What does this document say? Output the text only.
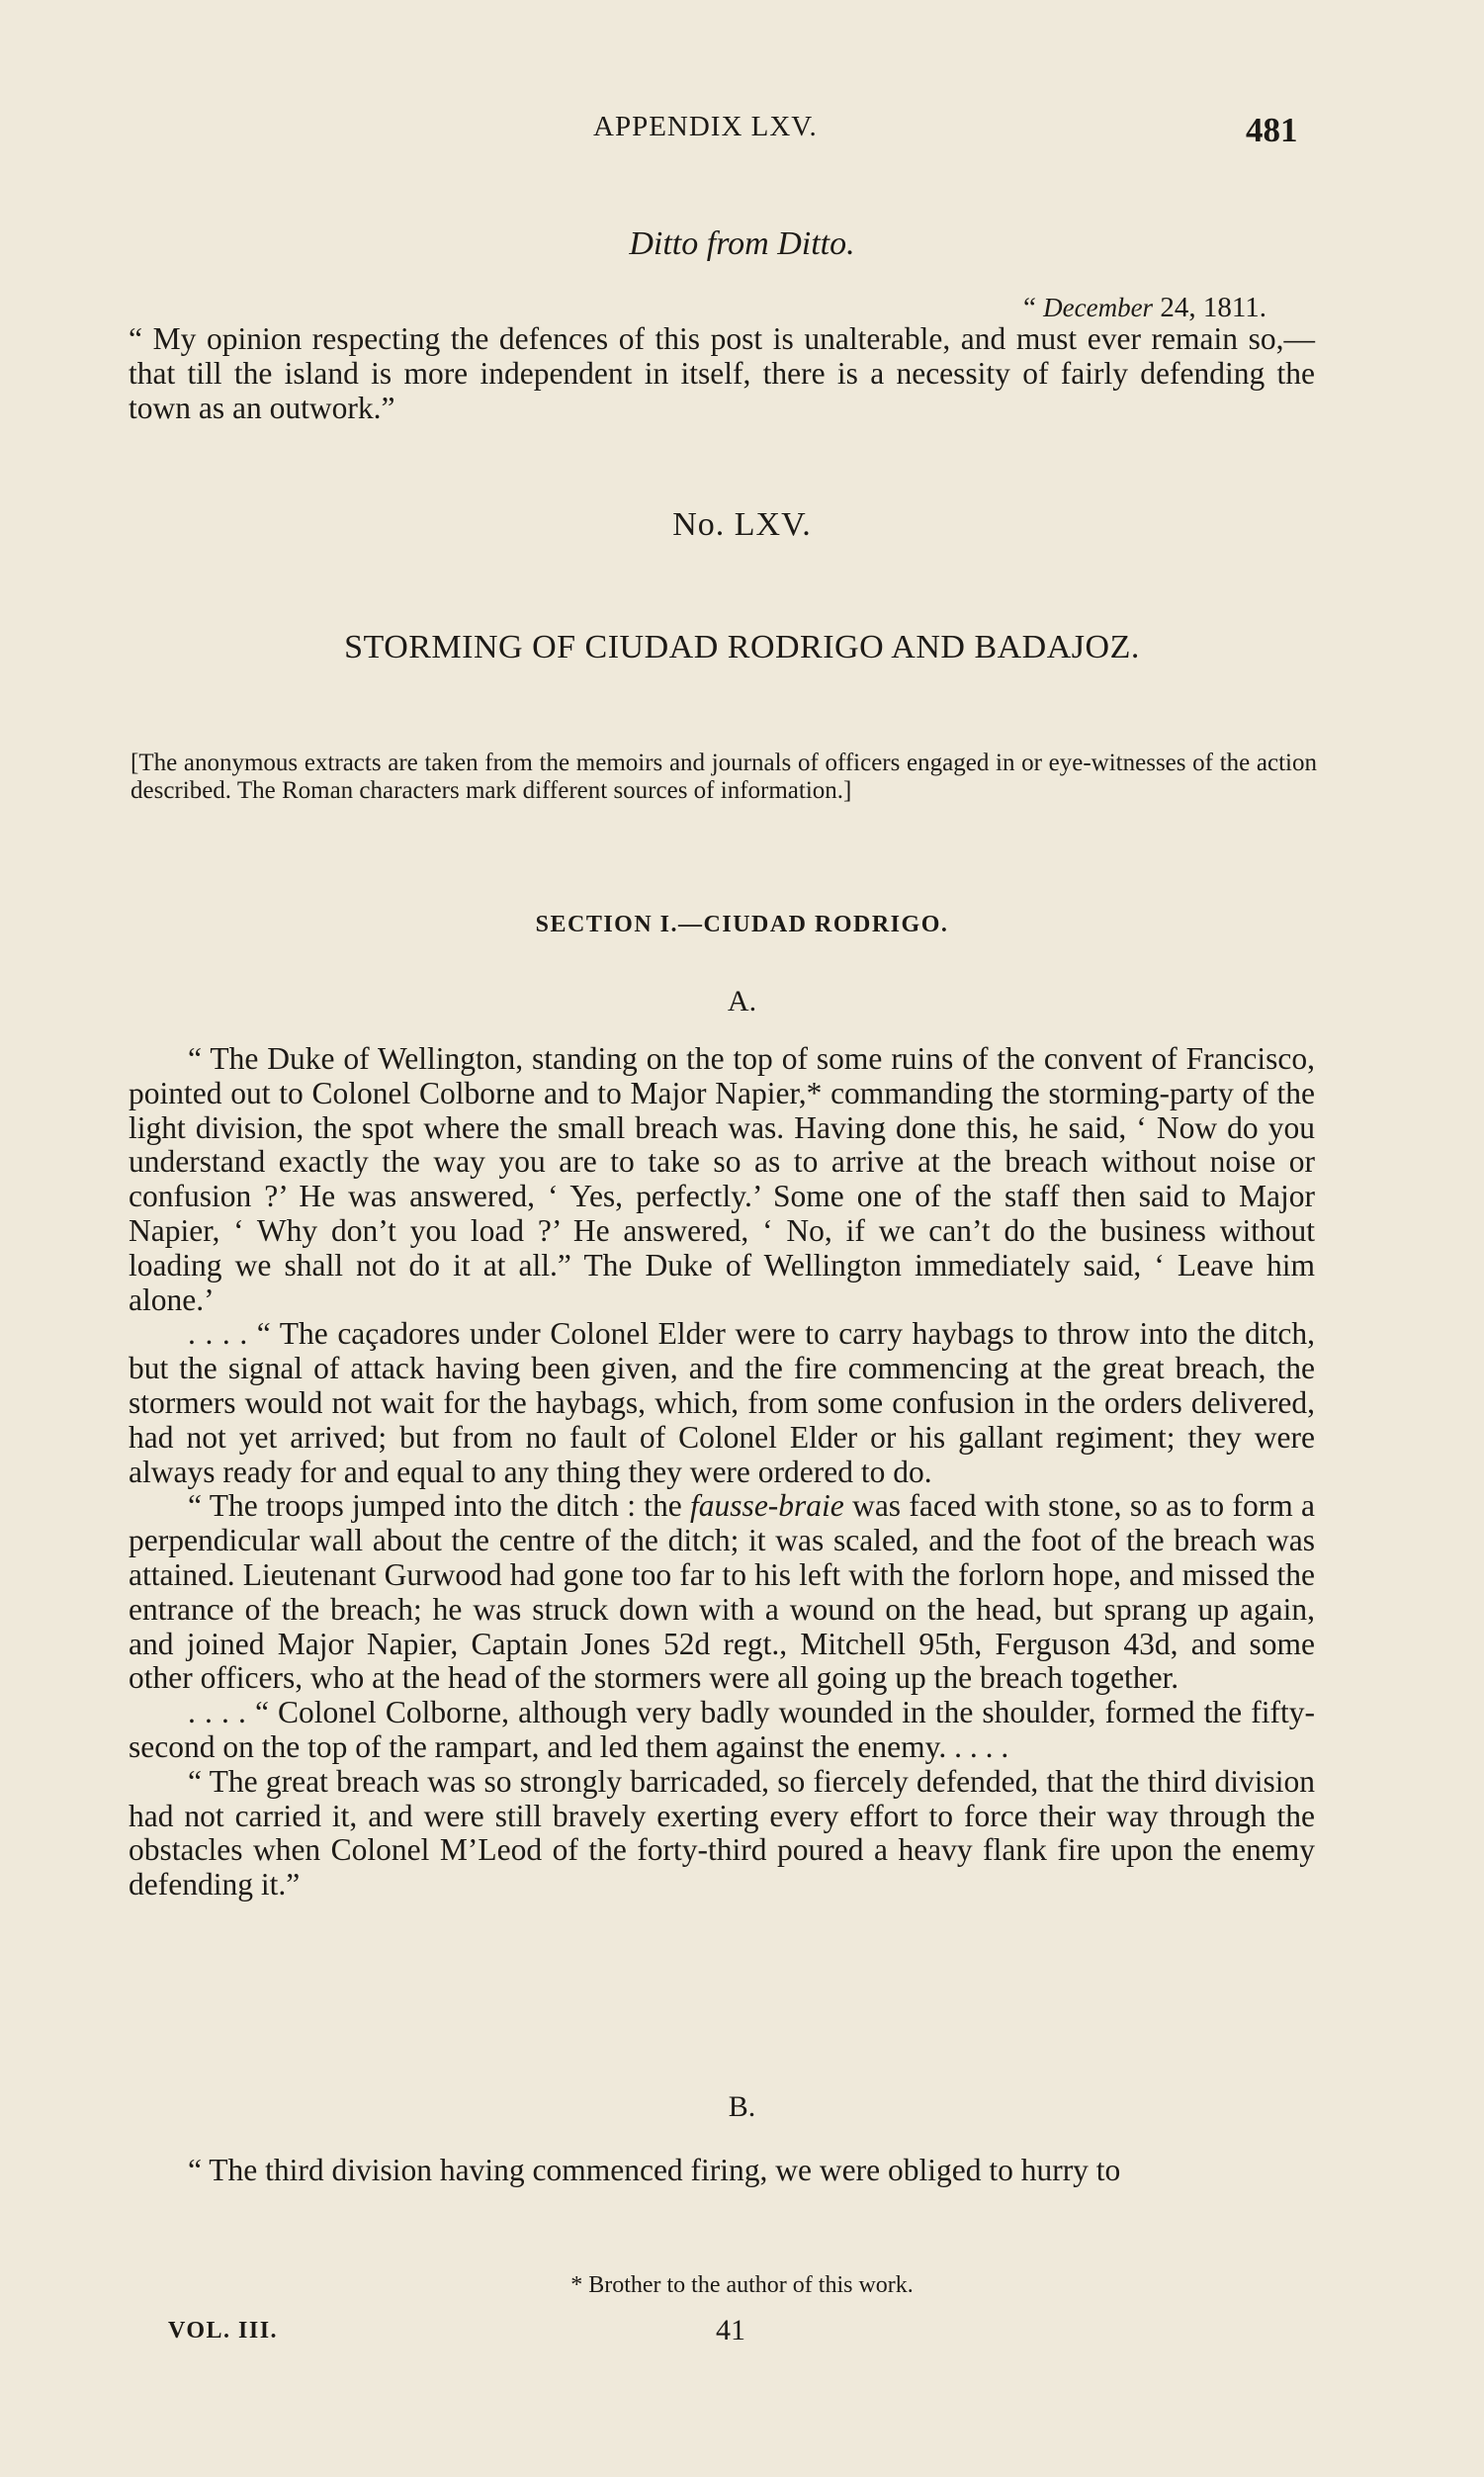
APPENDIX LXV.	481
Ditto from Ditto.
“ December 24, 1811.
“ My opinion respecting the defences of this post is unalterable, and must ever remain so,—that till the island is more independent in itself, there is a necessity of fairly defending the town as an outwork.”
No. LXV.
STORMING OF CIUDAD RODRIGO AND BADAJOZ.
[The anonymous extracts are taken from the memoirs and journals of officers engaged in or eye-witnesses of the action described. The Roman characters mark different sources of information.]
SECTION I.—CIUDAD RODRIGO.
A.

“ The Duke of Wellington, standing on the top of some ruins of the convent of Francisco, pointed out to Colonel Colborne and to Major Napier,* commanding the storming-party of the light division, the spot where the small breach was. Having done this, he said, ‘ Now do you understand exactly the way you are to take so as to arrive at the breach without noise or confusion ?’ He was answered, ‘ Yes, perfectly.’ Some one of the staff then said to Major Napier, ‘ Why don’t you load ?’ He answered, ‘ No, if we can’t do the business without loading we shall not do it at all.” The Duke of Wellington immediately said, ‘ Leave him alone.’

. . . . “ The caçadores under Colonel Elder were to carry haybags to throw into the ditch, but the signal of attack having been given, and the fire commencing at the great breach, the stormers would not wait for the haybags, which, from some confusion in the orders delivered, had not yet arrived; but from no fault of Colonel Elder or his gallant regiment; they were always ready for and equal to any thing they were ordered to do.

“ The troops jumped into the ditch : the fausse-braie was faced with stone, so as to form a perpendicular wall about the centre of the ditch; it was scaled, and the foot of the breach was attained. Lieutenant Gurwood had gone too far to his left with the forlorn hope, and missed the entrance of the breach; he was struck down with a wound on the head, but sprang up again, and joined Major Napier, Captain Jones 52d regt., Mitchell 95th, Ferguson 43d, and some other officers, who at the head of the stormers were all going up the breach together.

. . . . “ Colonel Colborne, although very badly wounded in the shoulder, formed the fifty-second on the top of the rampart, and led them against the enemy. . . . .

“ The great breach was so strongly barricaded, so fiercely defended, that the third division had not carried it, and were still bravely exerting every effort to force their way through the obstacles when Colonel M’Leod of the forty-third poured a heavy flank fire upon the enemy defending it.”

B.
“ The third division having commenced firing, we were obliged to hurry to
* Brother to the author of this work.
VOL. III.	41
